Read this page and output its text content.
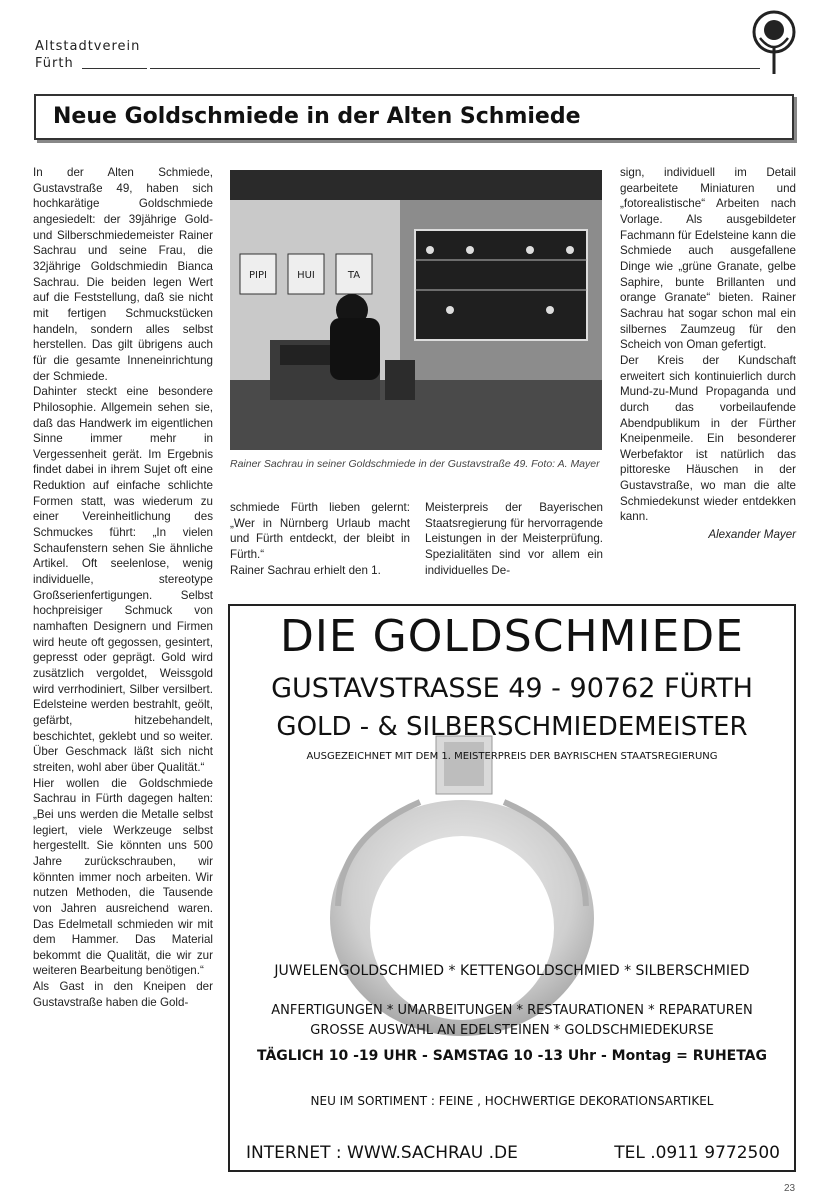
Altstadtverein
Fürth
Neue Goldschmiede in der Alten Schmiede

In der Alten Schmiede, Gustavstraße 49, haben sich hochkarätige Goldschmiede angesiedelt: der 39jährige Gold- und Silberschmiedemeister Rainer Sachrau und seine Frau, die 32jährige Goldschmiedin Bianca Sachrau. Die beiden legen Wert auf die Feststellung, daß sie nicht mit fertigen Schmuckstücken handeln, sondern alles selbst herstellen. Das gilt übrigens auch für die gesamte Inneneinrichtung der Schmiede.

Dahinter steckt eine besondere Philosophie. Allgemein sehen sie, daß das Handwerk im eigentlichen Sinne immer mehr in Vergessenheit gerät. Im Ergebnis findet dabei in ihrem Sujet oft eine Reduktion auf einfache schlichte Formen statt, was wiederum zu einer Vereinheitlichung des Schmuckes führt: „In vielen Schaufenstern sehen Sie ähnliche Artikel. Oft seelenlose, wenig individuelle, stereotype Großserienfertigungen. Selbst hochpreisiger Schmuck von namhaften Designern und Firmen wird heute oft gegossen, gesintert, gepresst oder geprägt. Gold wird zusätzlich vergoldet, Weissgold wird verrhodiniert, Silber versilbert. Edelsteine werden bestrahlt, geölt, gefärbt, hitzebehandelt, beschichtet, geklebt und so weiter. Über Geschmack läßt sich nicht streiten, wohl aber über Qualität.“

Hier wollen die Goldschmiede Sachrau in Fürth dagegen halten: „Bei uns werden die Metalle selbst legiert, viele Werkzeuge selbst hergestellt. Sie könnten uns 500 Jahre zurückschrauben, wir könnten immer noch arbeiten. Wir nutzen Methoden, die Tausende von Jahren ausreichend waren. Das Edelmetall schmieden wir mit dem Hammer. Das Material bekommt die Qualität, die wir zur weiteren Bearbeitung benötigen.“

Als Gast in den Kneipen der Gustavstraße haben die Gold-

PIPI	HUI	TA
Rainer Sachrau in seiner Goldschmiede in der Gustavstraße 49. Foto: A. Mayer

schmiede Fürth lieben gelernt: „Wer in Nürnberg Urlaub macht und Fürth entdeckt, der bleibt in Fürth.“

Rainer Sachrau erhielt den 1.

Meisterpreis der Bayerischen Staatsregierung für hervorragende Leistungen in der Meisterprüfung. Spezialitäten sind vor allem ein individuelles De-

sign, individuell im Detail gearbeitete Miniaturen und „fotorealistische“ Arbeiten nach Vorlage. Als ausgebildeter Fachmann für Edelsteine kann die Schmiede auch ausgefallene Dinge wie „grüne Granate, gelbe Saphire, bunte Brillanten und orange Granate“ bieten. Rainer Sachrau hat sogar schon mal ein silbernes Zaumzeug für den Scheich von Oman gefertigt.

Der Kreis der Kundschaft erweitert sich kontinuierlich durch Mund-zu-Mund Propaganda und durch das vorbeilaufende Abendpublikum in der Fürther Kneipenmeile. Ein besonderer Werbefaktor ist natürlich das pittoreske Häuschen in der Gustavstraße, wo man die alte Schmiedekunst wieder entdekken kann.

Alexander Mayer

DIE GOLDSCHMIEDE
GUSTAVSTRASSE 49 - 90762 FÜRTH
GOLD - & SILBERSCHMIEDEMEISTER
AUSGEZEICHNET MIT DEM 1. MEISTERPREIS DER BAYRISCHEN STAATSREGIERUNG
JUWELENGOLDSCHMIED * KETTENGOLDSCHMIED * SILBERSCHMIED
ANFERTIGUNGEN * UMARBEITUNGEN * RESTAURATIONEN * REPARATUREN
GROSSE AUSWAHL AN EDELSTEINEN * GOLDSCHMIEDEKURSE
TÄGLICH 10 -19 UHR - SAMSTAG 10 -13 Uhr - Montag = RUHETAG
NEU IM SORTIMENT : FEINE , HOCHWERTIGE DEKORATIONSARTIKEL
INTERNET : WWW.SACHRAU .DE	TEL .0911 9772500
23
